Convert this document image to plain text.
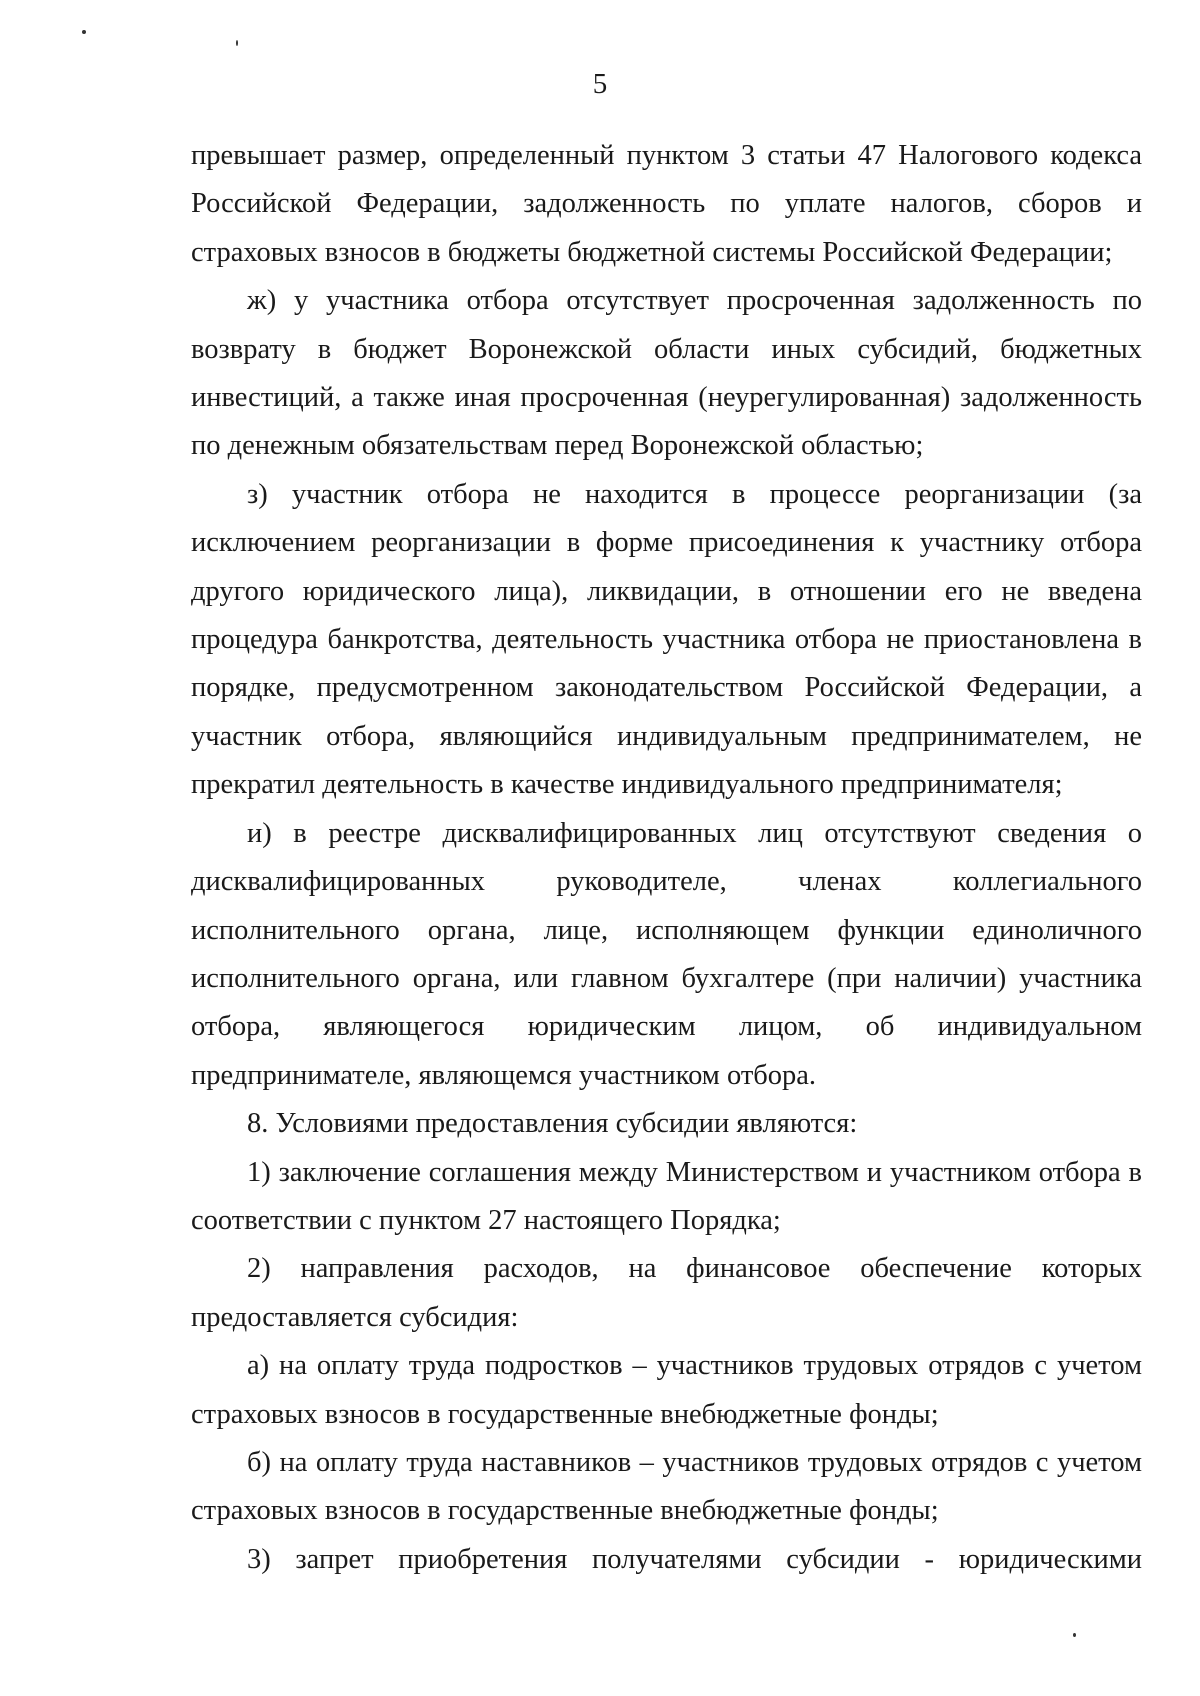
5

превышает размер, определенный пунктом 3 статьи 47 Налогового кодекса Российской Федерации, задолженность по уплате налогов, сборов и страховых взносов в бюджеты бюджетной системы Российской Федерации;

ж) у участника отбора отсутствует просроченная задолженность по возврату в бюджет Воронежской области иных субсидий, бюджетных инвестиций, а также иная просроченная (неурегулированная) задолженность по денежным обязательствам перед Воронежской областью;

з) участник отбора не находится в процессе реорганизации (за исключением реорганизации в форме присоединения к участнику отбора другого юридического лица), ликвидации, в отношении его не введена процедура банкротства, деятельность участника отбора не приостановлена в порядке, предусмотренном законодательством Российской Федерации, а участник отбора, являющийся индивидуальным предпринимателем, не прекратил деятельность в качестве индивидуального предпринимателя;

и) в реестре дисквалифицированных лиц отсутствуют сведения о дисквалифицированных руководителе, членах коллегиального исполнительного органа, лице, исполняющем функции единоличного исполнительного органа, или главном бухгалтере (при наличии) участника отбора, являющегося юридическим лицом, об индивидуальном предпринимателе, являющемся участником отбора.

8. Условиями предоставления субсидии являются:

1) заключение соглашения между Министерством и участником отбора в соответствии с пунктом 27 настоящего Порядка;

2) направления расходов, на финансовое обеспечение которых предоставляется субсидия:

а) на оплату труда подростков – участников трудовых отрядов с учетом страховых взносов в государственные внебюджетные фонды;

б) на оплату труда наставников – участников трудовых отрядов с учетом страховых взносов в государственные внебюджетные фонды;

3) запрет приобретения получателями субсидии - юридическими
